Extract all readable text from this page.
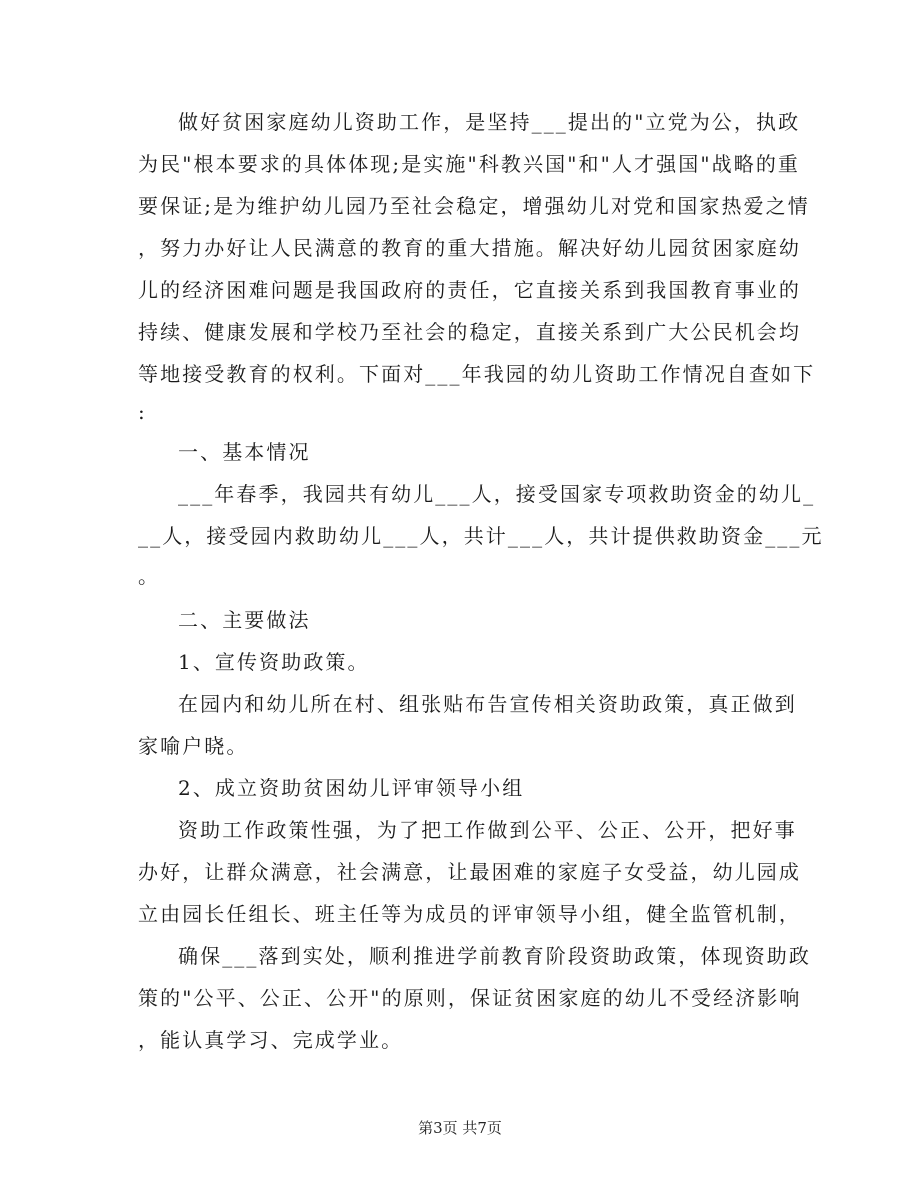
做好贫困家庭幼儿资助工作，是坚持___提出的"立党为公，执政
为民"根本要求的具体体现;是实施"科教兴国"和"人才强国"战略的重
要保证;是为维护幼儿园乃至社会稳定，增强幼儿对党和国家热爱之情
，努力办好让人民满意的教育的重大措施。解决好幼儿园贫困家庭幼
儿的经济困难问题是我国政府的责任，它直接关系到我国教育事业的
持续、健康发展和学校乃至社会的稳定，直接关系到广大公民机会均
等地接受教育的权利。下面对___年我园的幼儿资助工作情况自查如下
:
一、基本情况
___年春季，我园共有幼儿___人，接受国家专项救助资金的幼儿_
__人，接受园内救助幼儿___人，共计___人，共计提供救助资金___元
。
二、主要做法
1、宣传资助政策。
在园内和幼儿所在村、组张贴布告宣传相关资助政策，真正做到
家喻户晓。
2、成立资助贫困幼儿评审领导小组
资助工作政策性强，为了把工作做到公平、公正、公开，把好事
办好，让群众满意，社会满意，让最困难的家庭子女受益，幼儿园成
立由园长任组长、班主任等为成员的评审领导小组，健全监管机制，
确保___落到实处，顺利推进学前教育阶段资助政策，体现资助政
策的"公平、公正、公开"的原则，保证贫困家庭的幼儿不受经济影响
，能认真学习、完成学业。
第3页 共7页
